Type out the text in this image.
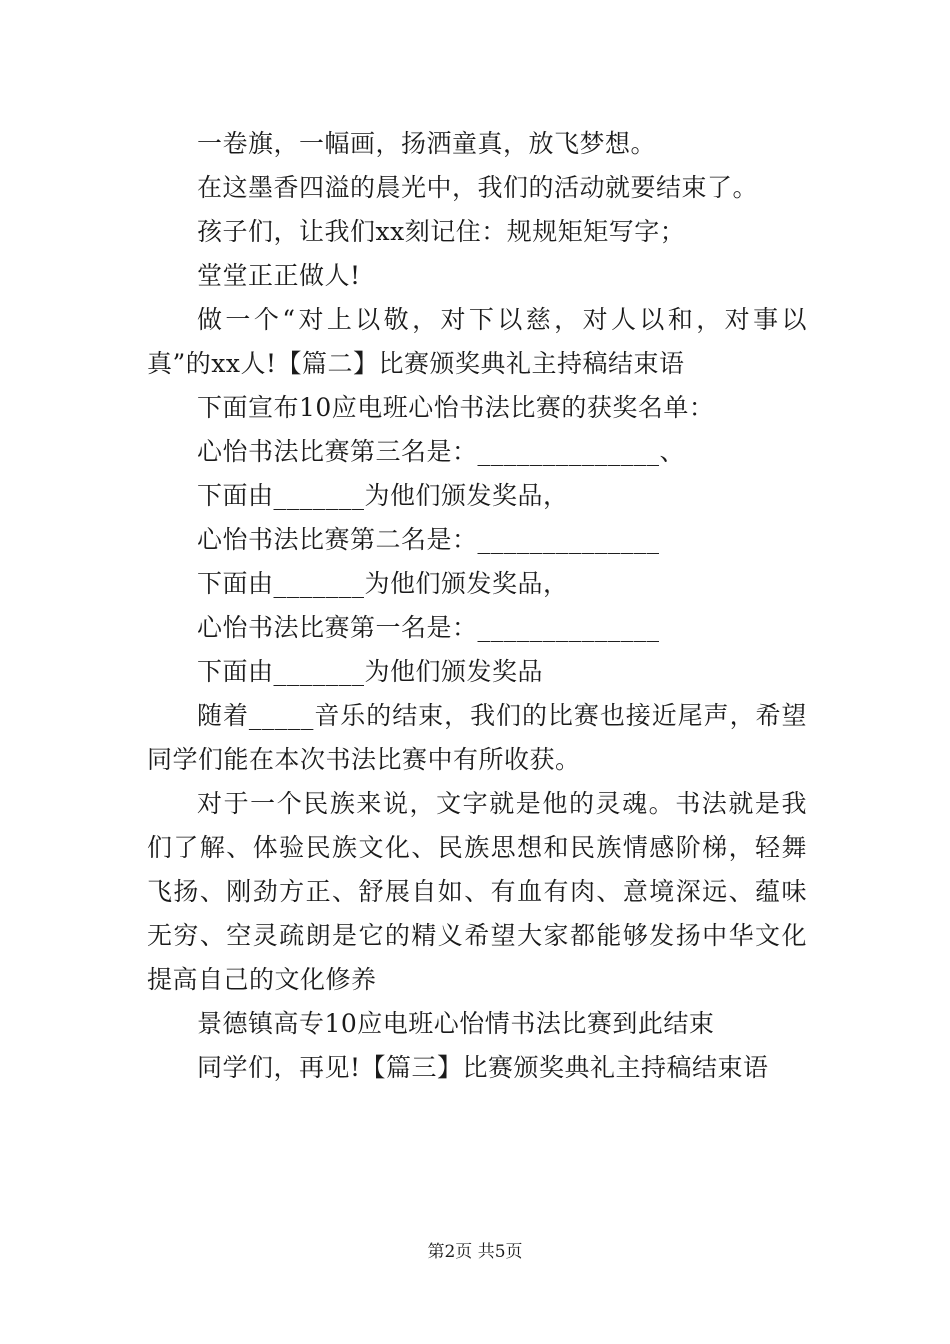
一卷旗，一幅画，扬洒童真，放飞梦想。

在这墨香四溢的晨光中，我们的活动就要结束了。

孩子们，让我们xx刻记住：规规矩矩写字；

堂堂正正做人!

做一个“对上以敬，对下以慈，对人以和，对事以真”的xx人!【篇二】比赛颁奖典礼主持稿结束语

下面宣布10应电班心怡书法比赛的获奖名单：

心怡书法比赛第三名是：______________、

下面由_______为他们颁发奖品，

心怡书法比赛第二名是：______________

下面由_______为他们颁发奖品，

心怡书法比赛第一名是：______________

下面由_______为他们颁发奖品

随着_____音乐的结束，我们的比赛也接近尾声，希望同学们能在本次书法比赛中有所收获。

对于一个民族来说，文字就是他的灵魂。书法就是我们了解、体验民族文化、民族思想和民族情感阶梯，轻舞飞扬、刚劲方正、舒展自如、有血有肉、意境深远、蕴味无穷、空灵疏朗是它的精义希望大家都能够发扬中华文化提高自己的文化修养

景德镇高专10应电班心怡情书法比赛到此结束

同学们，再见!【篇三】比赛颁奖典礼主持稿结束语

第2页 共5页
